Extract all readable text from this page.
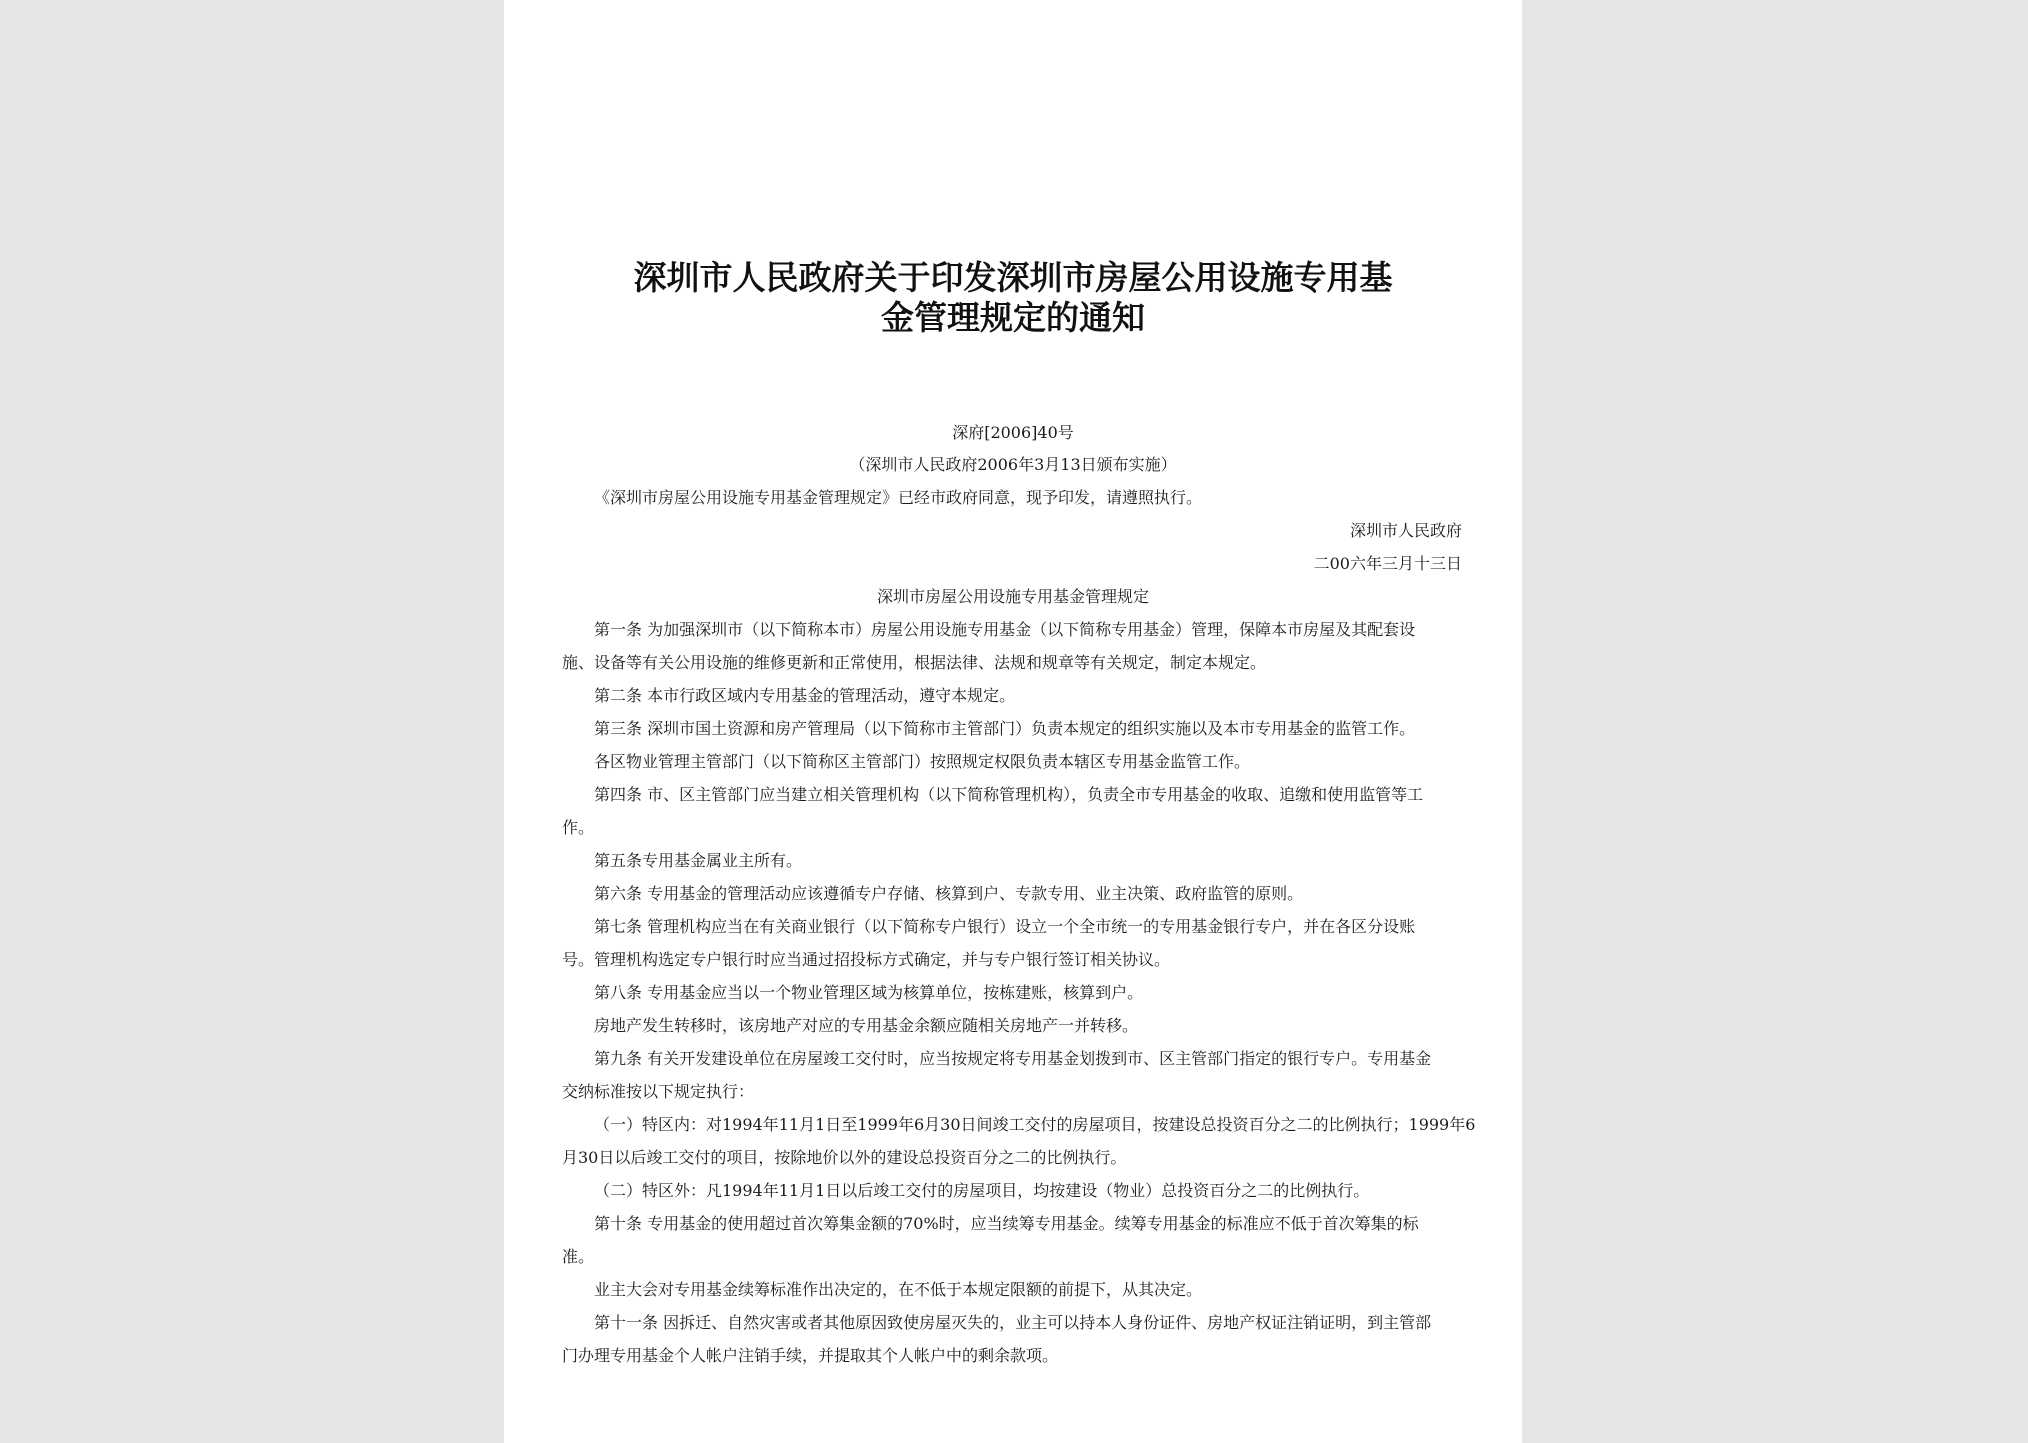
深圳市人民政府关于印发深圳市房屋公用设施专用基
金管理规定的通知
深府[2006]40号
（深圳市人民政府2006年3月13日颁布实施）
《深圳市房屋公用设施专用基金管理规定》已经市政府同意，现予印发，请遵照执行。
深圳市人民政府
二00六年三月十三日
深圳市房屋公用设施专用基金管理规定
第一条 为加强深圳市（以下简称本市）房屋公用设施专用基金（以下简称专用基金）管理，保障本市房屋及其配套设
施、设备等有关公用设施的维修更新和正常使用，根据法律、法规和规章等有关规定，制定本规定。
第二条 本市行政区域内专用基金的管理活动，遵守本规定。
第三条 深圳市国土资源和房产管理局（以下简称市主管部门）负责本规定的组织实施以及本市专用基金的监管工作。
各区物业管理主管部门（以下简称区主管部门）按照规定权限负责本辖区专用基金监管工作。
第四条 市、区主管部门应当建立相关管理机构（以下简称管理机构），负责全市专用基金的收取、追缴和使用监管等工
作。
第五条专用基金属业主所有。
第六条 专用基金的管理活动应该遵循专户存储、核算到户、专款专用、业主决策、政府监管的原则。
第七条 管理机构应当在有关商业银行（以下简称专户银行）设立一个全市统一的专用基金银行专户，并在各区分设账
号。管理机构选定专户银行时应当通过招投标方式确定，并与专户银行签订相关协议。
第八条 专用基金应当以一个物业管理区域为核算单位，按栋建账，核算到户。
房地产发生转移时，该房地产对应的专用基金余额应随相关房地产一并转移。
第九条 有关开发建设单位在房屋竣工交付时，应当按规定将专用基金划拨到市、区主管部门指定的银行专户。专用基金
交纳标准按以下规定执行：
（一）特区内：对1994年11月1日至1999年6月30日间竣工交付的房屋项目，按建设总投资百分之二的比例执行；1999年6
月30日以后竣工交付的项目，按除地价以外的建设总投资百分之二的比例执行。
（二）特区外：凡1994年11月1日以后竣工交付的房屋项目，均按建设（物业）总投资百分之二的比例执行。
第十条 专用基金的使用超过首次筹集金额的70%时，应当续筹专用基金。续筹专用基金的标准应不低于首次筹集的标
准。
业主大会对专用基金续筹标准作出决定的，在不低于本规定限额的前提下，从其决定。
第十一条 因拆迁、自然灾害或者其他原因致使房屋灭失的，业主可以持本人身份证件、房地产权证注销证明，到主管部
门办理专用基金个人帐户注销手续，并提取其个人帐户中的剩余款项。
